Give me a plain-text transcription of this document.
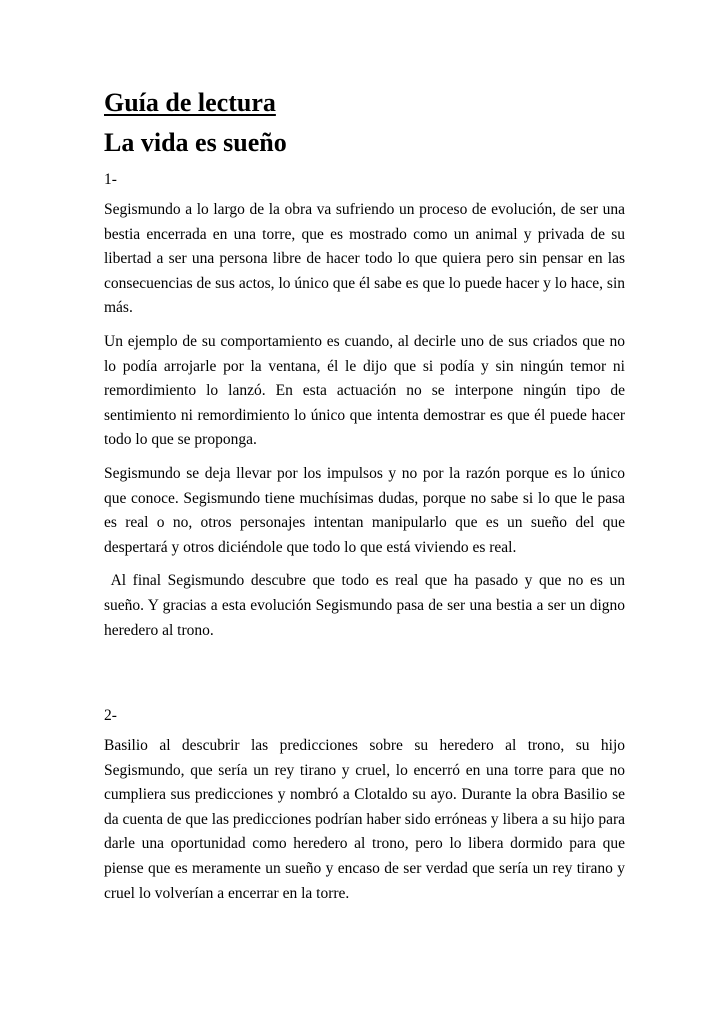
Guía de lectura
La vida es sueño
1-

Segismundo a lo largo de la obra va sufriendo un proceso de evolución, de ser una bestia encerrada en una torre, que es mostrado como un animal y privada de su libertad a ser una persona libre de hacer todo lo que quiera pero sin pensar en las consecuencias de sus actos, lo único que él sabe es que lo puede hacer y lo hace, sin más.

Un ejemplo de su comportamiento es cuando, al decirle uno de sus criados que no lo podía arrojarle por la ventana, él le dijo que si podía y sin ningún temor ni remordimiento lo lanzó. En esta actuación no se interpone ningún tipo de sentimiento ni remordimiento lo único que intenta demostrar es que él puede hacer todo lo que se proponga.

Segismundo se deja llevar por los impulsos y no por la razón porque es lo único que conoce. Segismundo tiene muchísimas dudas, porque no sabe si lo que le pasa es real o no, otros personajes intentan manipularlo que es un sueño del que despertará y otros diciéndole que todo lo que está viviendo es real.

Al final Segismundo descubre que todo es real que ha pasado y que no es un sueño. Y gracias a esta evolución Segismundo pasa de ser una bestia a ser un digno heredero al trono.

2-

Basilio al descubrir las predicciones sobre su heredero al trono, su hijo Segismundo, que sería un rey tirano y cruel, lo encerró en una torre para que no cumpliera sus predicciones y nombró a Clotaldo su ayo. Durante la obra Basilio se da cuenta de que las predicciones podrían haber sido erróneas y libera a su hijo para darle una oportunidad como heredero al trono, pero lo libera dormido para que piense que es meramente un sueño y encaso de ser verdad que sería un rey tirano y cruel lo volverían a encerrar en la torre.
